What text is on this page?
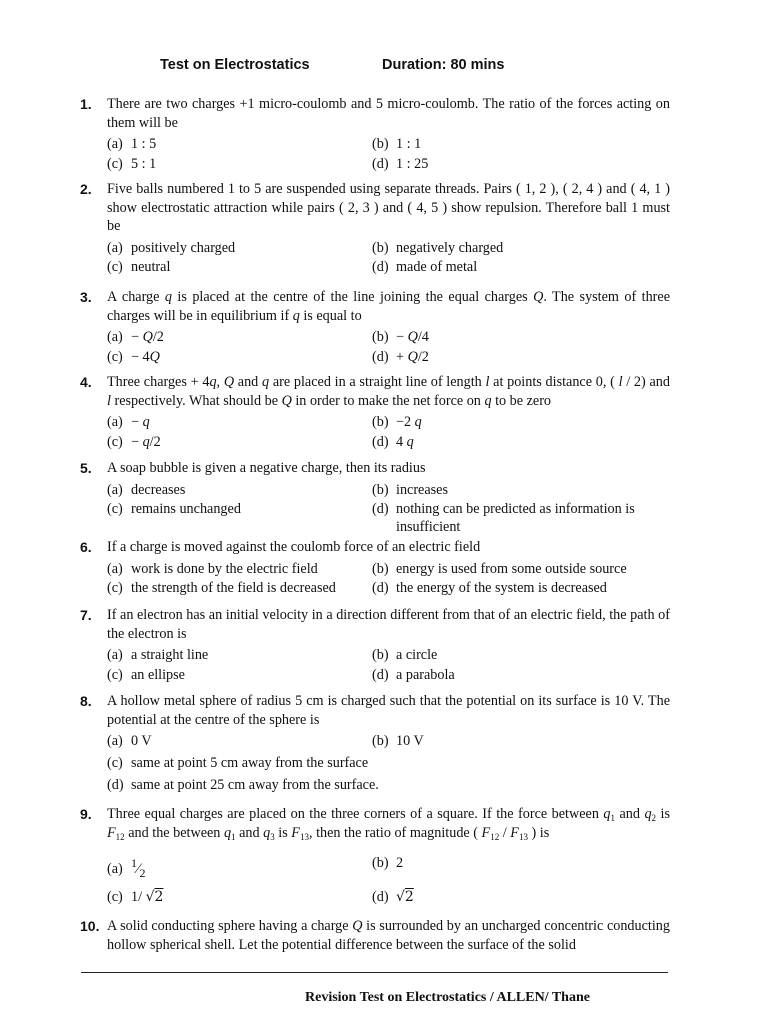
Test on Electrostatics	Duration: 80 mins
1. There are two charges +1 micro-coulomb and 5 micro-coulomb. The ratio of the forces acting on them will be
(a) 1 : 5	(b) 1 : 1
(c) 5 : 1	(d) 1 : 25
2. Five balls numbered 1 to 5 are suspended using separate threads. Pairs ( 1, 2 ), ( 2, 4 ) and ( 4, 1 ) show electrostatic attraction while pairs ( 2, 3 ) and ( 4, 5 ) show repulsion. Therefore ball 1 must be
(a) positively charged	(b) negatively charged
(c) neutral	(d) made of metal
3. A charge q is placed at the centre of the line joining the equal charges Q. The system of three charges will be in equilibrium if q is equal to
(a) − Q/2	(b) − Q/4
(c) − 4Q	(d) + Q/2
4. Three charges + 4q, Q and q are placed in a straight line of length l at points distance 0, ( l / 2) and l respectively. What should be Q in order to make the net force on q to be zero
(a) − q	(b) −2 q
(c) − q/2	(d) 4 q
5. A soap bubble is given a negative charge, then its radius
(a) decreases	(b) increases
(c) remains unchanged	(d) nothing can be predicted as information is insufficient
6. If a charge is moved against the coulomb force of an electric field
(a) work is done by the electric field	(b) energy is used from some outside source
(c) the strength of the field is decreased	(d) the energy of the system is decreased
7. If an electron has an initial velocity in a direction different from that of an electric field, the path of the electron is
(a) a straight line	(b) a circle
(c) an ellipse	(d) a parabola
8. A hollow metal sphere of radius 5 cm is charged such that the potential on its surface is 10 V. The potential at the centre of the sphere is
(a) 0 V	(b) 10 V
(c) same at point 5 cm away from the surface
(d) same at point 25 cm away from the surface.
9. Three equal charges are placed on the three corners of a square. If the force between $q_1$ and $q_2$ is $F_{12}$ and the between $q_1$ and $q_3$ is $F_{13}$, then the ratio of magnitude ( $F_{12} / F_{13}$ ) is
(a) $^1⁄_2$
(b) 2
(c) 1/ √2	(d) √2
10. A solid conducting sphere having a charge Q is surrounded by an uncharged concentric conducting hollow spherical shell. Let the potential difference between the surface of the solid
Revision Test on Electrostatics / ALLEN/ Thane
